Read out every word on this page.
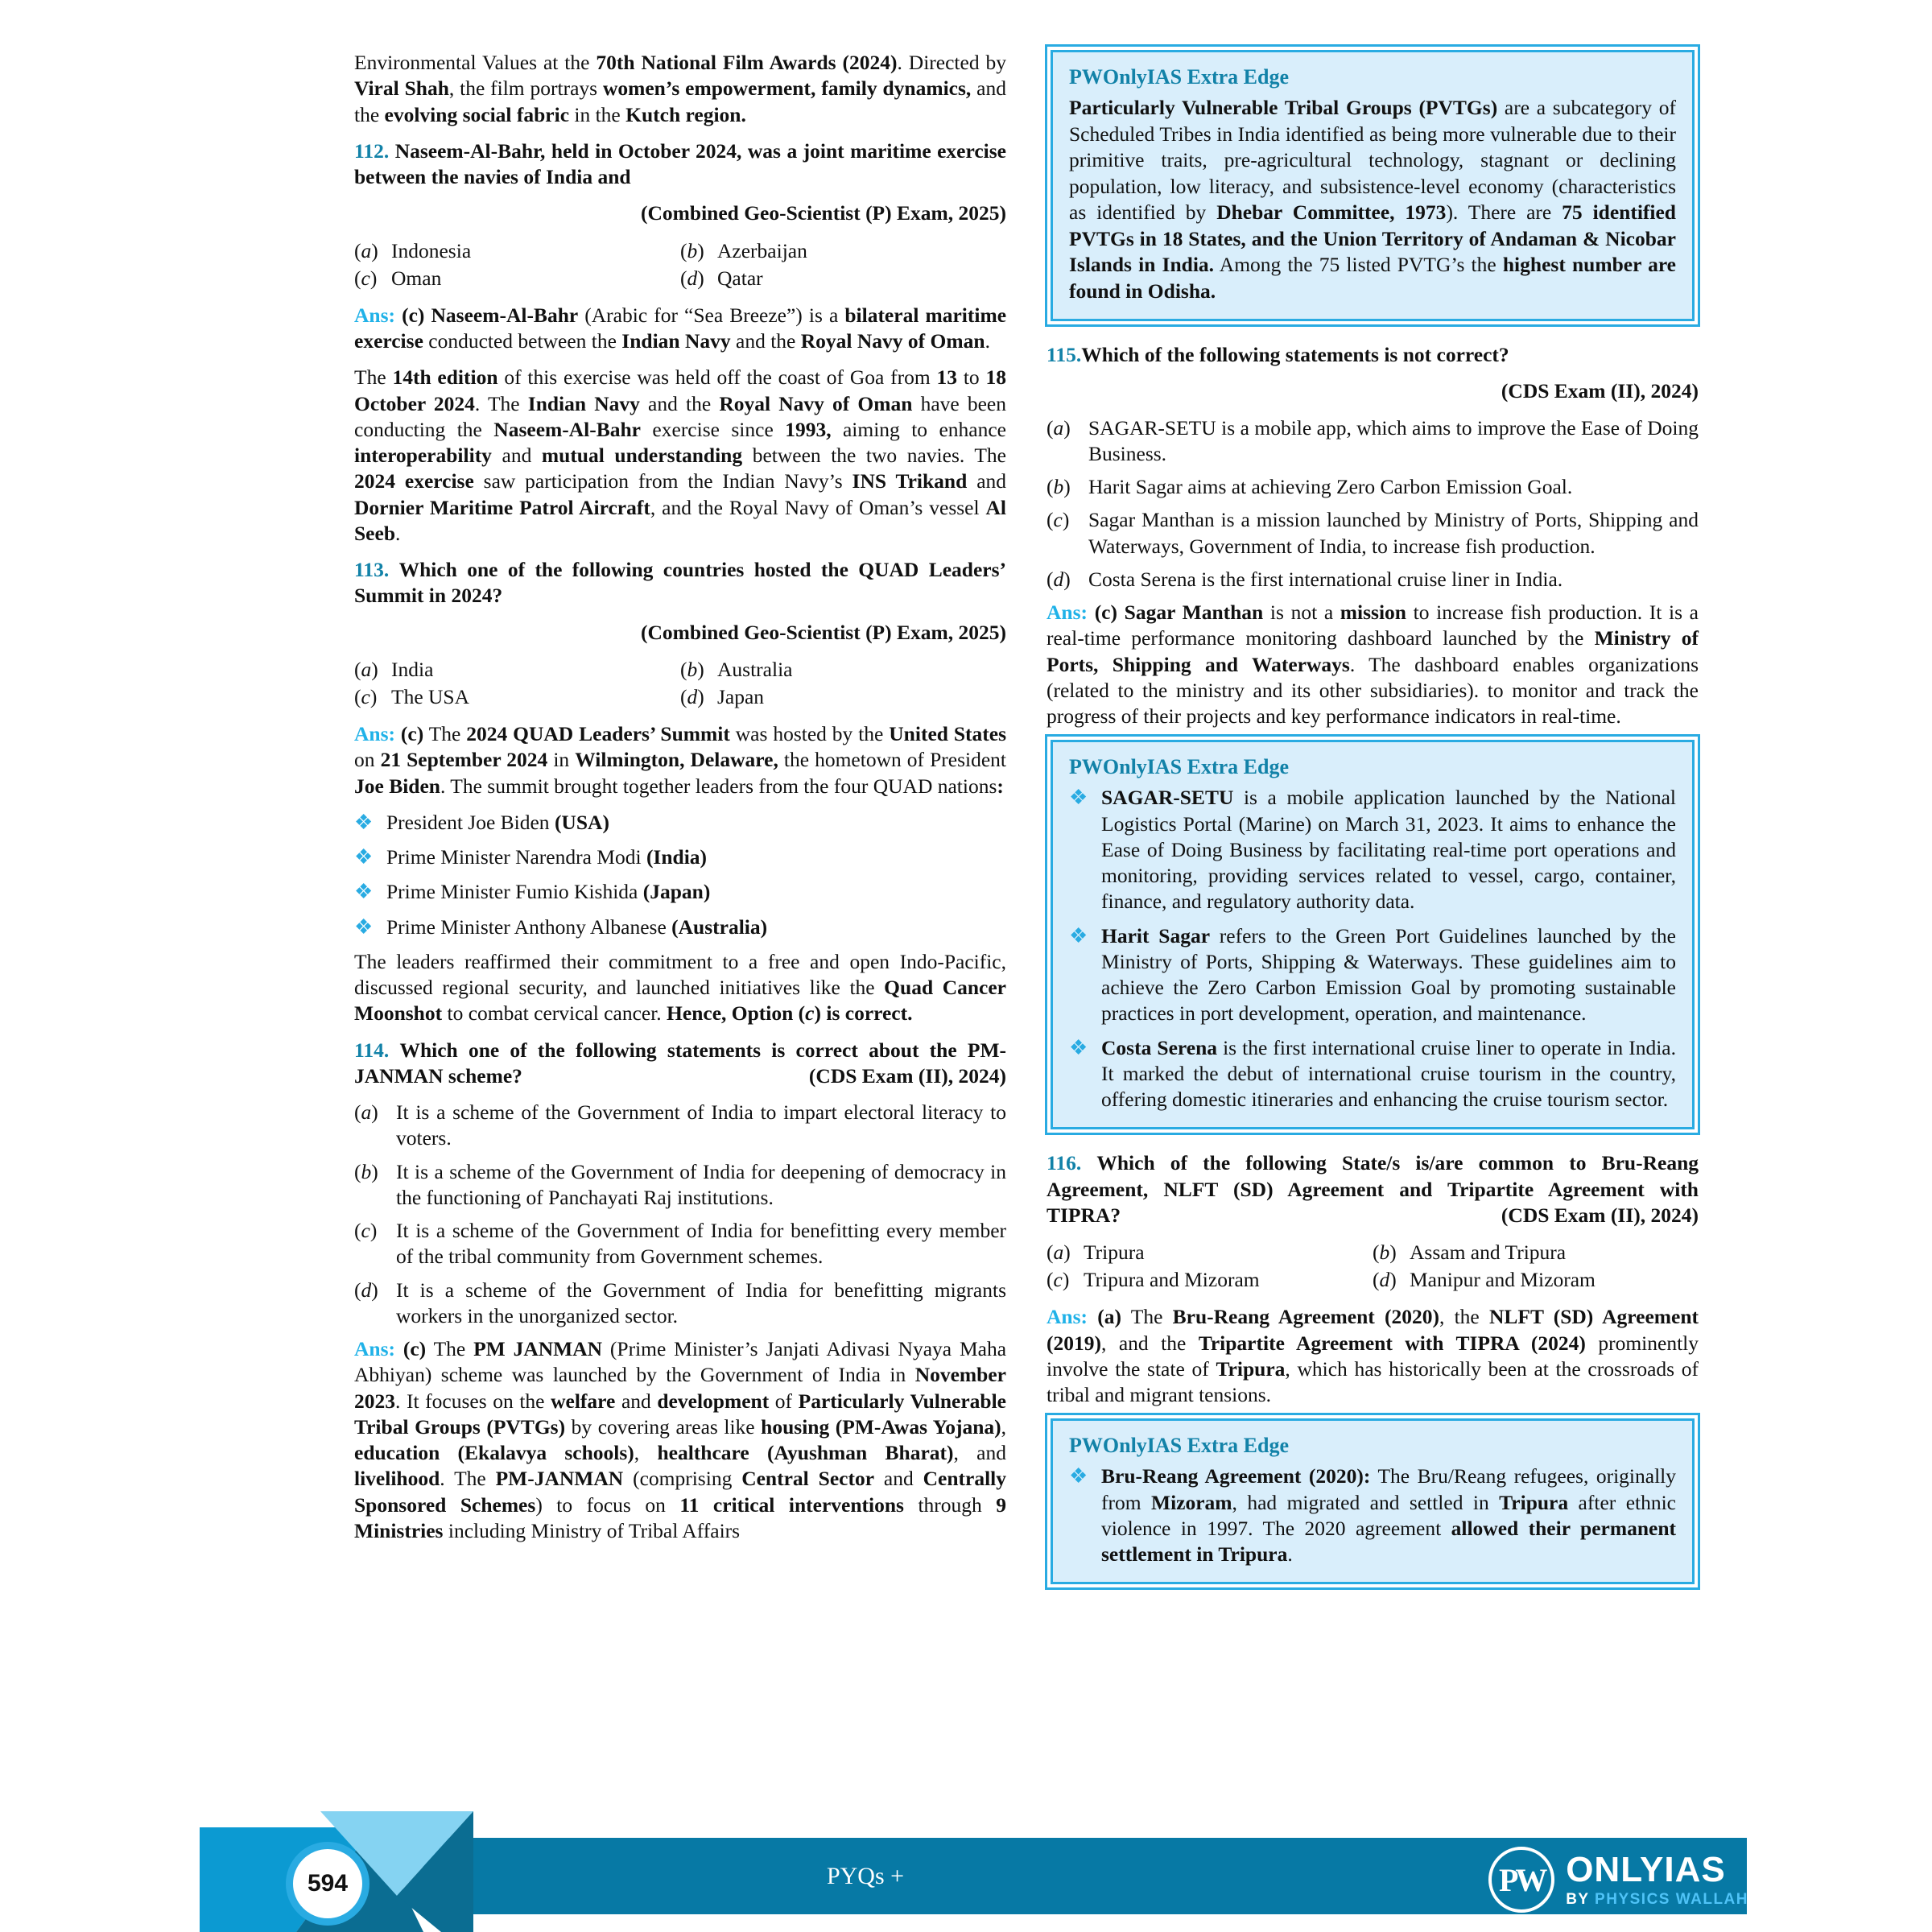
Environmental Values at the 70th National Film Awards (2024). Directed by Viral Shah, the film portrays women’s empowerment, family dynamics, and the evolving social fabric in the Kutch region.

112. Naseem-Al-Bahr, held in October 2024, was a joint maritime exercise between the navies of India and

(Combined Geo-Scientist (P) Exam, 2025)

(a) Indonesia	(b) Azerbaijan
(c) Oman	(d) Qatar

Ans: (c) Naseem-Al-Bahr (Arabic for “Sea Breeze”) is a bilateral maritime exercise conducted between the Indian Navy and the Royal Navy of Oman.

The 14th edition of this exercise was held off the coast of Goa from 13 to 18 October 2024. The Indian Navy and the Royal Navy of Oman have been conducting the Naseem-Al-Bahr exercise since 1993, aiming to enhance interoperability and mutual understanding between the two navies. The 2024 exercise saw participation from the Indian Navy’s INS Trikand and Dornier Maritime Patrol Aircraft, and the Royal Navy of Oman’s vessel Al Seeb.

113. Which one of the following countries hosted the QUAD Leaders’ Summit in 2024?

(Combined Geo-Scientist (P) Exam, 2025)

(a) India	(b) Australia
(c) The USA	(d) Japan

Ans: (c) The 2024 QUAD Leaders’ Summit was hosted by the United States on 21 September 2024 in Wilmington, Delaware, the hometown of President Joe Biden. The summit brought together leaders from the four QUAD nations:

❖ President Joe Biden (USA)
❖ Prime Minister Narendra Modi (India)
❖ Prime Minister Fumio Kishida (Japan)
❖ Prime Minister Anthony Albanese (Australia)

The leaders reaffirmed their commitment to a free and open Indo-Pacific, discussed regional security, and launched initiatives like the Quad Cancer Moonshot to combat cervical cancer. Hence, Option (c) is correct.

114. Which one of the following statements is correct about the PM-JANMAN scheme?	(CDS Exam (II), 2024)

(a) It is a scheme of the Government of India to impart electoral literacy to voters.
(b) It is a scheme of the Government of India for deepening of democracy in the functioning of Panchayati Raj institutions.
(c) It is a scheme of the Government of India for benefitting every member of the tribal community from Government schemes.
(d) It is a scheme of the Government of India for benefitting migrants workers in the unorganized sector.

Ans: (c) The PM JANMAN (Prime Minister’s Janjati Adivasi Nyaya Maha Abhiyan) scheme was launched by the Government of India in November 2023. It focuses on the welfare and development of Particularly Vulnerable Tribal Groups (PVTGs) by covering areas like housing (PM-Awas Yojana), education (Ekalavya schools), healthcare (Ayushman Bharat), and livelihood. The PM-JANMAN (comprising Central Sector and Centrally Sponsored Schemes) to focus on 11 critical interventions through 9 Ministries including Ministry of Tribal Affairs

PWOnlyIAS Extra Edge

Particularly Vulnerable Tribal Groups (PVTGs) are a subcategory of Scheduled Tribes in India identified as being more vulnerable due to their primitive traits, pre-agricultural technology, stagnant or declining population, low literacy, and subsistence-level economy (characteristics as identified by Dhebar Committee, 1973). There are 75 identified PVTGs in 18 States, and the Union Territory of Andaman & Nicobar Islands in India. Among the 75 listed PVTG’s the highest number are found in Odisha.

115.Which of the following statements is not correct?

(CDS Exam (II), 2024)

(a) SAGAR-SETU is a mobile app, which aims to improve the Ease of Doing Business.
(b) Harit Sagar aims at achieving Zero Carbon Emission Goal.
(c) Sagar Manthan is a mission launched by Ministry of Ports, Shipping and Waterways, Government of India, to increase fish production.
(d) Costa Serena is the first international cruise liner in India.

Ans: (c) Sagar Manthan is not a mission to increase fish production. It is a real-time performance monitoring dashboard launched by the Ministry of Ports, Shipping and Waterways. The dashboard enables organizations (related to the ministry and its other subsidiaries). to monitor and track the progress of their projects and key performance indicators in real-time.

PWOnlyIAS Extra Edge
❖ SAGAR-SETU is a mobile application launched by the National Logistics Portal (Marine) on March 31, 2023. It aims to enhance the Ease of Doing Business by facilitating real-time port operations and monitoring, providing services related to vessel, cargo, container, finance, and regulatory authority data.
❖ Harit Sagar refers to the Green Port Guidelines launched by the Ministry of Ports, Shipping & Waterways. These guidelines aim to achieve the Zero Carbon Emission Goal by promoting sustainable practices in port development, operation, and maintenance.
❖ Costa Serena is the first international cruise liner to operate in India. It marked the debut of international cruise tourism in the country, offering domestic itineraries and enhancing the cruise tourism sector.

116. Which of the following State/s is/are common to Bru-Reang Agreement, NLFT (SD) Agreement and Tripartite Agreement with TIPRA?	(CDS Exam (II), 2024)

(a) Tripura	(b) Assam and Tripura
(c) Tripura and Mizoram	(d) Manipur and Mizoram

Ans: (a) The Bru-Reang Agreement (2020), the NLFT (SD) Agreement (2019), and the Tripartite Agreement with TIPRA (2024) prominently involve the state of Tripura, which has historically been at the crossroads of tribal and migrant tensions.

PWOnlyIAS Extra Edge
❖ Bru-Reang Agreement (2020): The Bru/Reang refugees, originally from Mizoram, had migrated and settled in Tripura after ethnic violence in 1997. The 2020 agreement allowed their permanent settlement in Tripura.
594	PYQs +	PW ONLYIAS
BY PHYSICS WALLAH
